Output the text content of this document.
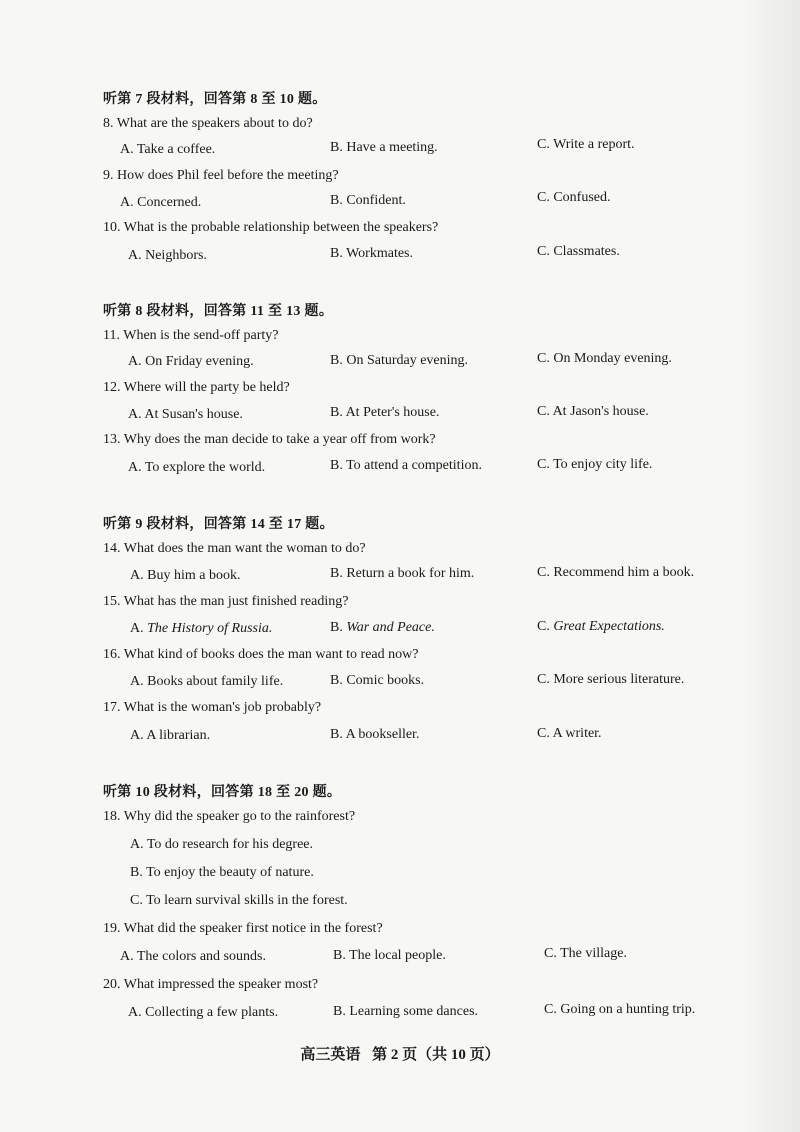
听第 7 段材料，回答第 8 至 10 题。
8. What are the speakers about to do?
A. Take a coffee.	B. Have a meeting.	C. Write a report.
9. How does Phil feel before the meeting?
A. Concerned.	B. Confident.	C. Confused.
10. What is the probable relationship between the speakers?
A. Neighbors.	B. Workmates.	C. Classmates.
听第 8 段材料，回答第 11 至 13 题。
11. When is the send-off party?
A. On Friday evening.	B. On Saturday evening.	C. On Monday evening.
12. Where will the party be held?
A. At Susan's house.	B. At Peter's house.	C. At Jason's house.
13. Why does the man decide to take a year off from work?
A. To explore the world.	B. To attend a competition.	C. To enjoy city life.
听第 9 段材料，回答第 14 至 17 题。
14. What does the man want the woman to do?
A. Buy him a book.	B. Return a book for him.	C. Recommend him a book.
15. What has the man just finished reading?
A. The History of Russia.	B. War and Peace.	C. Great Expectations.
16. What kind of books does the man want to read now?
A. Books about family life.	B. Comic books.	C. More serious literature.
17. What is the woman's job probably?
A. A librarian.	B. A bookseller.	C. A writer.
听第 10 段材料，回答第 18 至 20 题。
18. Why did the speaker go to the rainforest?
A. To do research for his degree.
B. To enjoy the beauty of nature.
C. To learn survival skills in the forest.
19. What did the speaker first notice in the forest?
A. The colors and sounds.	B. The local people.	C. The village.
20. What impressed the speaker most?
A. Collecting a few plants.	B. Learning some dances.	C. Going on a hunting trip.
高三英语 第 2 页（共 10 页）
